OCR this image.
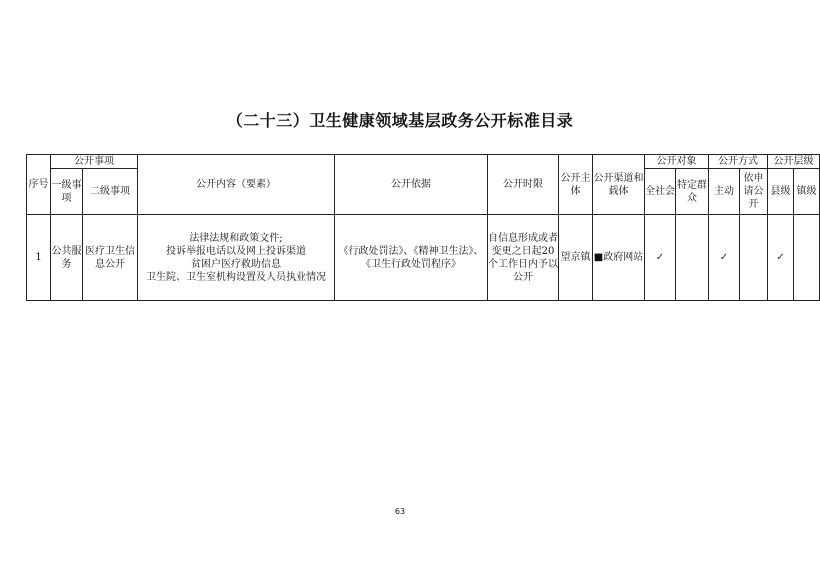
（二十三）卫生健康领域基层政务公开标准目录
序号	公开事项		公开内容（要素）	公开依据	公开时限	公开主体	公开渠道和载体	公开对象		公开方式		公开层级	
	一级事项	二级事项						全社会	特定群众	主动	依申请公开	县级	镇级
1	公共服务	医疗卫生信息公开	法律法规和政策文件;
投诉举报电话以及网上投诉渠道
贫困户医疗救助信息
卫生院、卫生室机构设置及人员执业情况	《行政处罚法》、《精神卫生法》、《卫生行政处罚程序》	自信息形成或者变更之日起20个工作日内予以公开	望京镇	■政府网站	✓		✓		✓	
63
